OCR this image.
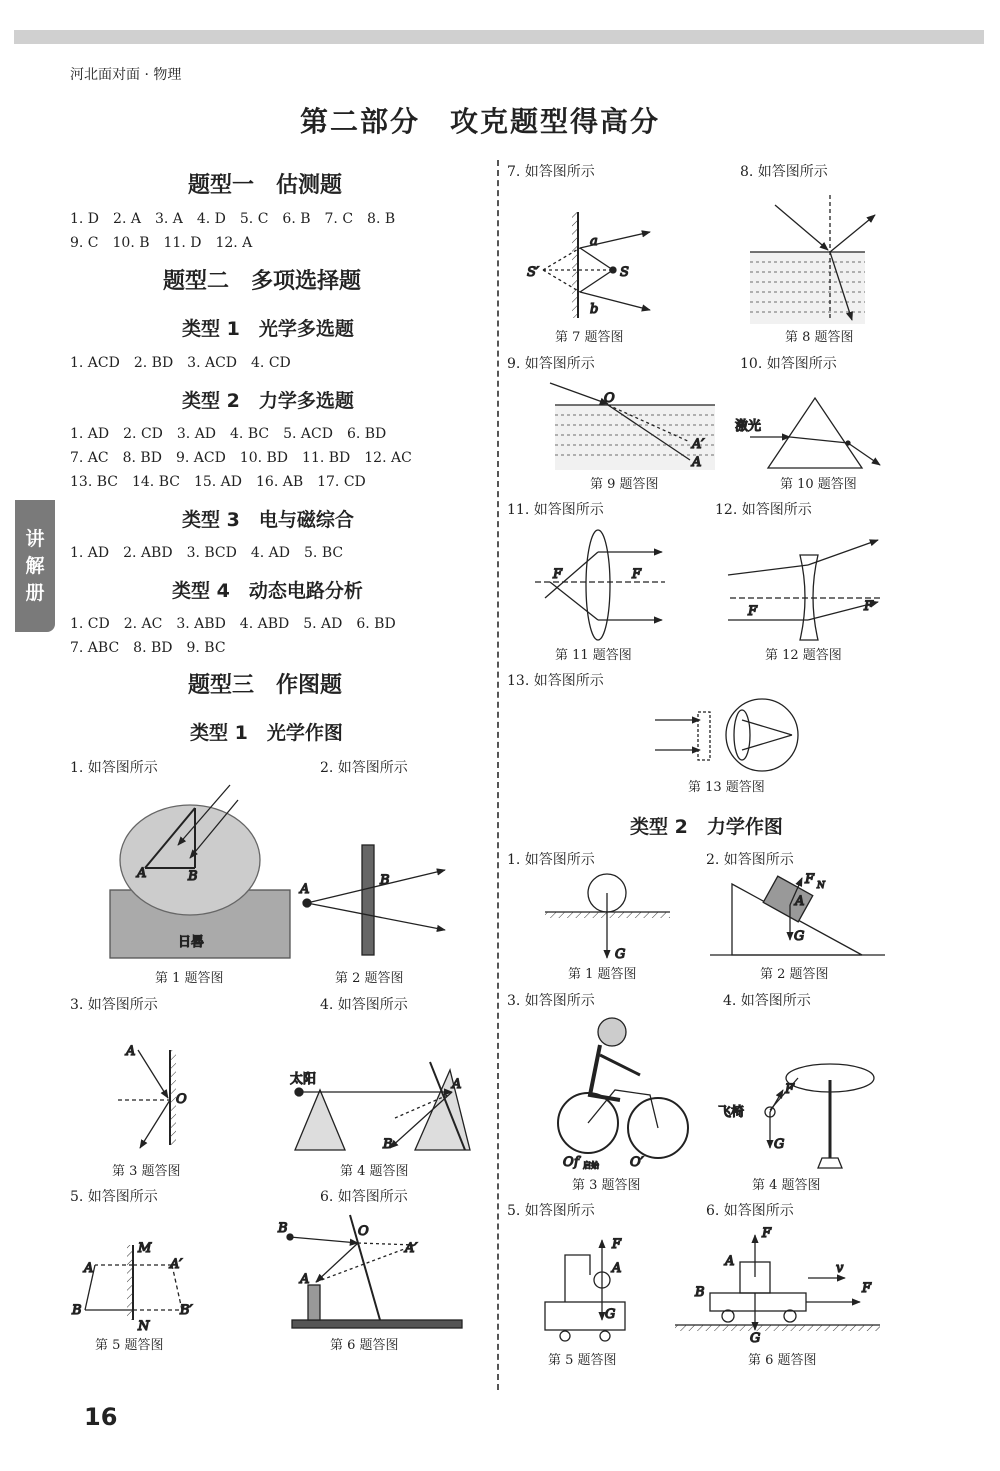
河北面对面 · 物理
第二部分　攻克题型得高分
讲
解
册
题型一　估测题
1. D　2. A　3. A　4. D　5. C　6. B　7. C　8. B
9. C　10. B　11. D　12. A
题型二　多项选择题
类型 1　光学多选题
1. ACD　2. BD　3. ACD　4. CD
类型 2　力学多选题
1. AD　2. CD　3. AD　4. BC　5. ACD　6. BD
7. AC　8. BD　9. ACD　10. BD　11. BD　12. AC
13. BC　14. BC　15. AD　16. AB　17. CD
类型 3　电与磁综合
1. AD　2. ABD　3. BCD　4. AD　5. BC
类型 4　动态电路分析
1. CD　2. AC　3. ABD　4. ABD　5. AD　6. BD
7. ABC　8. BD　9. BC
题型三　作图题
类型 1　光学作图
1. 如答图所示	2. 如答图所示
3. 如答图所示	4. 如答图所示
5. 如答图所示	6. 如答图所示
7. 如答图所示	8. 如答图所示
9. 如答图所示	10. 如答图所示
11. 如答图所示	12. 如答图所示
13. 如答图所示
类型 2　力学作图
1. 如答图所示	2. 如答图所示
3. 如答图所示	4. 如答图所示
5. 如答图所示	6. 如答图所示
第 1 题答图	第 2 题答图
第 3 题答图	第 4 题答图
第 5 题答图	第 6 题答图
第 7 题答图	第 8 题答图
第 9 题答图	第 10 题答图
第 11 题答图	第 12 题答图
第 13 题答图
第 1 题答图	第 2 题答图
第 3 题答图	第 4 题答图
第 5 题答图	第 6 题答图
16
A	B
日晷
A
B
A
O
太阳	A
B
M
N
A
B
A′
B′
B	O
A′
A
a
b
S′	S
O
A′
A
激光
F	F
F	F
G
F N
A
G
O f 启始 O′
飞椅
F
G
F
A
G
F
A
B
G
v
F
